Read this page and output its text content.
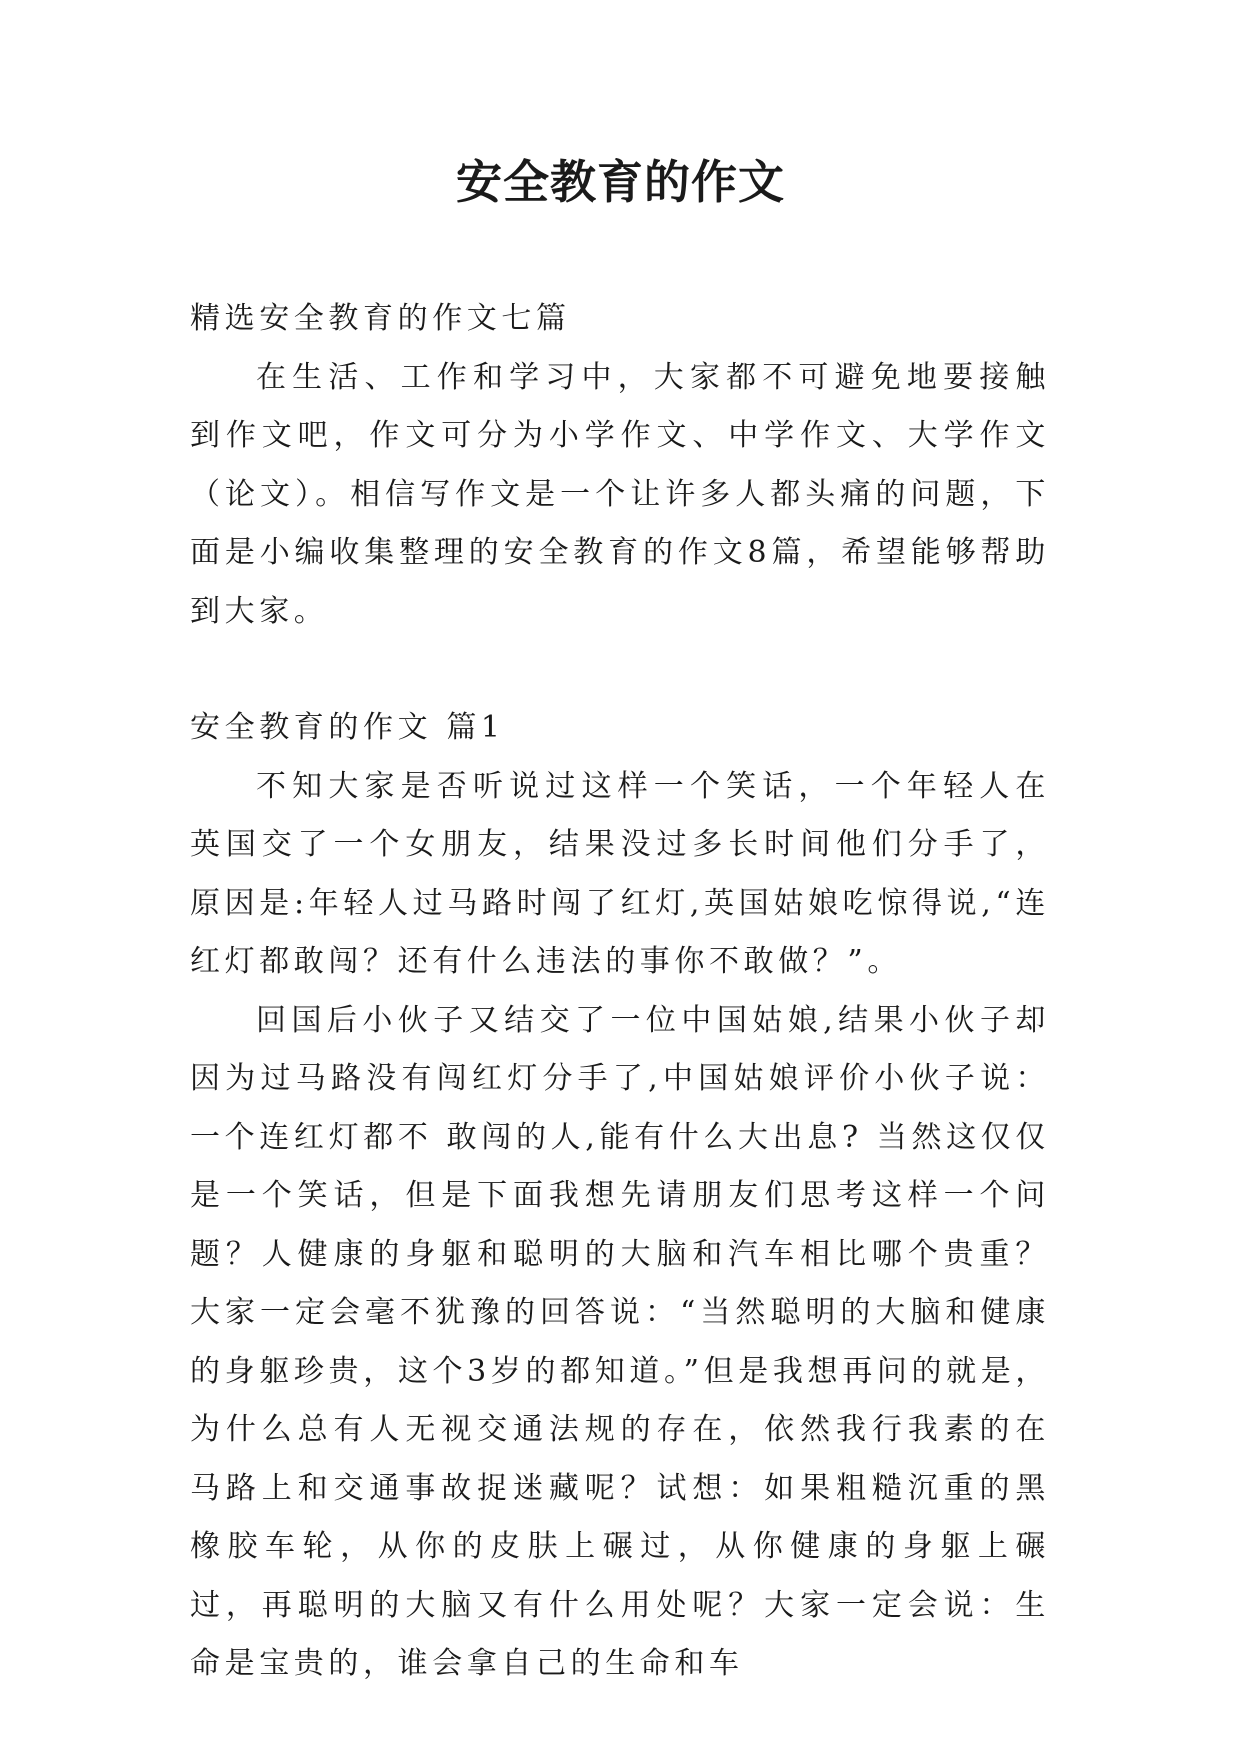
安全教育的作文

精选安全教育的作文七篇

在生活、工作和学习中，大家都不可避免地要接触到作文吧，作文可分为小学作文、中学作文、大学作文（论文）。相信写作文是一个让许多人都头痛的问题，下面是小编收集整理的安全教育的作文8篇，希望能够帮助到大家。

安全教育的作文 篇1

不知大家是否听说过这样一个笑话，一个年轻人在英国交了一个女朋友，结果没过多长时间他们分手了，原因是:年轻人过马路时闯了红灯,英国姑娘吃惊得说,“连红灯都敢闯？还有什么违法的事你不敢做？”。

回国后小伙子又结交了一位中国姑娘,结果小伙子却因为过马路没有闯红灯分手了,中国姑娘评价小伙子说：一个连红灯都不 敢闯的人,能有什么大出息? 当然这仅仅是一个笑话，但是下面我想先请朋友们思考这样一个问题？人健康的身躯和聪明的大脑和汽车相比哪个贵重？大家一定会毫不犹豫的回答说：“当然聪明的大脑和健康的身躯珍贵，这个3岁的都知道。”但是我想再问的就是，为什么总有人无视交通法规的存在，依然我行我素的在马路上和交通事故捉迷藏呢？试想：如果粗糙沉重的黑橡胶车轮，从你的皮肤上碾过，从你健康的身躯上碾过，再聪明的大脑又有什么用处呢？大家一定会说：生命是宝贵的，谁会拿自己的生命和车
